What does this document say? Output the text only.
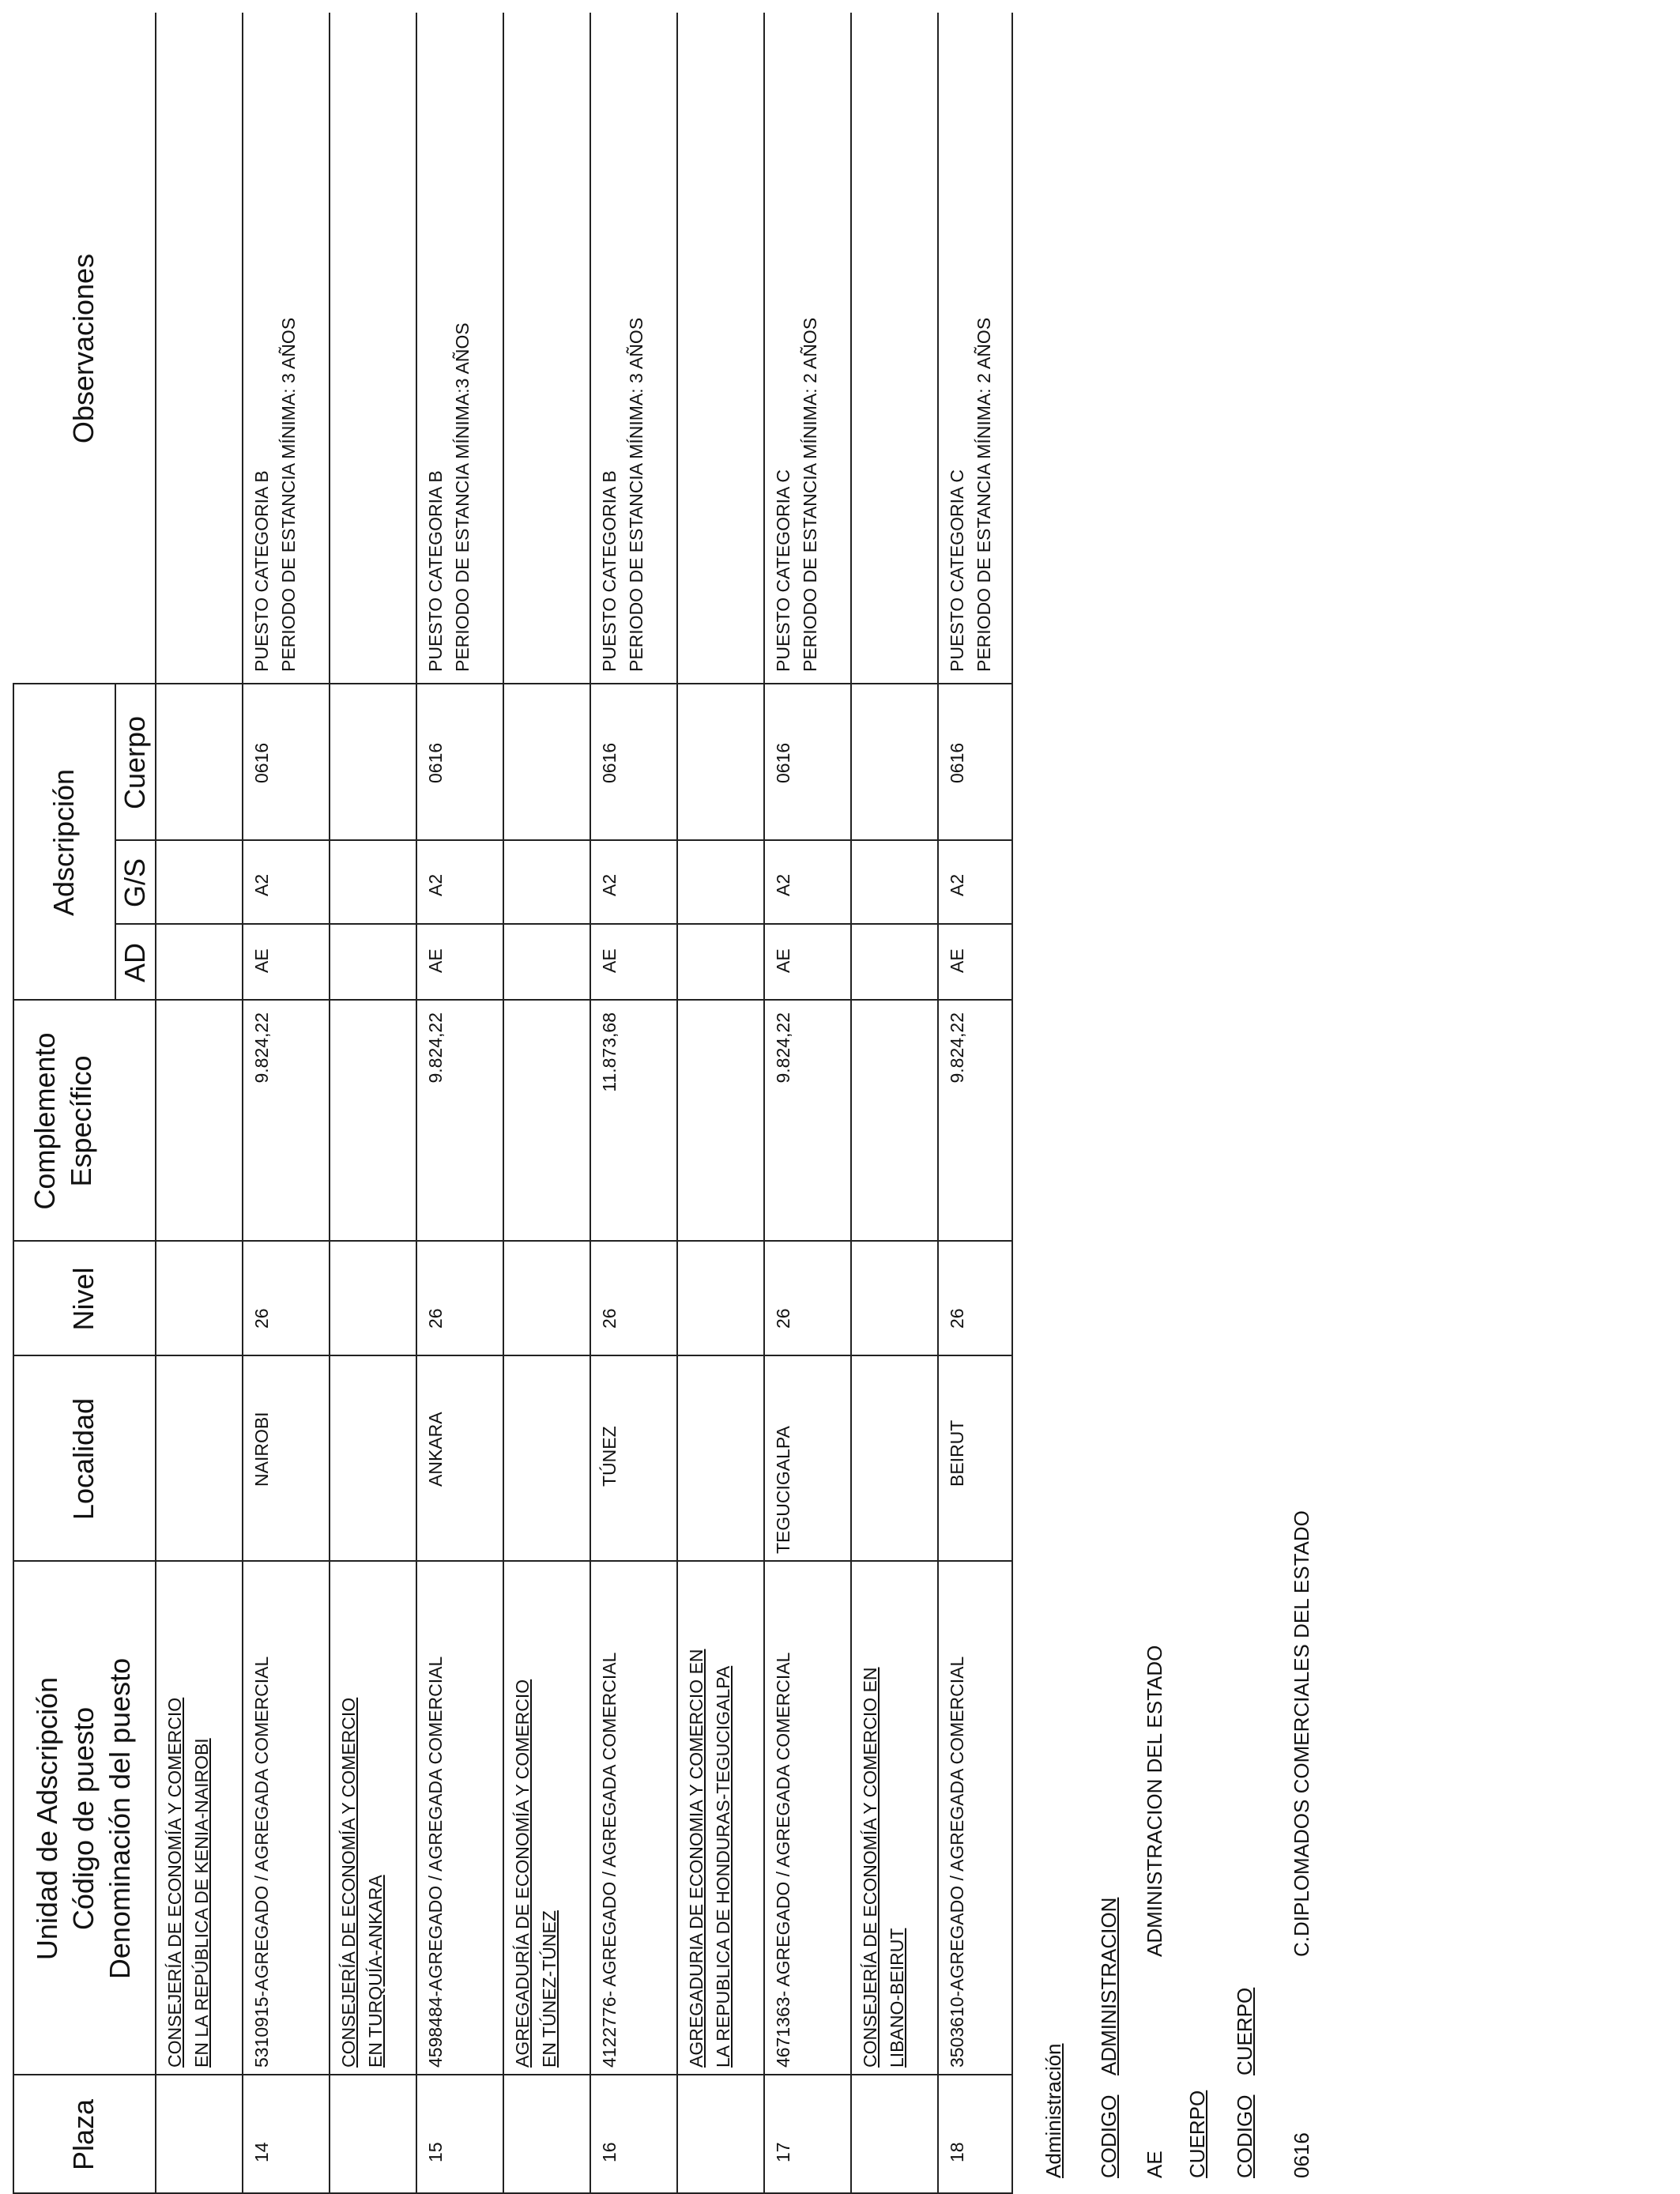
Plaza
Unidad de Adscripción Código de puesto Denominación del puesto
Localidad
Nivel
Complemento Específico
Adscripción
AD
G/S
Cuerpo
Observaciones
CONSEJERÍA DE ECONOMÍA Y COMERCIO EN LA REPÚBLICA DE KENIA-NAIROBI
14
5310915-AGREGADO / AGREGADA COMERCIAL
NAIROBI
26
9.824,22
AE
A2
0616
PUESTO CATEGORIA B PERIODO DE ESTANCIA MÍNIMA: 3 AÑOS
CONSEJERÍA DE ECONOMÍA Y COMERCIO EN TURQUÍA-ANKARA
15
4598484-AGREGADO / AGREGADA COMERCIAL
ANKARA
26
9.824,22
AE
A2
0616
PUESTO CATEGORIA B PERIODO DE ESTANCIA MÍNIMA:3 AÑOS
AGREGADURÍA DE ECONOMÍA Y COMERCIO EN TÚNEZ-TÚNEZ
16
4122776- AGREGADO / AGREGADA COMERCIAL
TÚNEZ
26
11.873,68
AE
A2
0616
PUESTO CATEGORIA B PERIODO DE ESTANCIA MÍNIMA: 3 AÑOS
AGREGADURIA DE ECONOMIA Y COMERCIO EN LA REPUBLICA DE HONDURAS-TEGUCIGALPA
17
4671363- AGREGADO / AGREGADA COMERCIAL
TEGUCIGALPA
26
9.824,22
AE
A2
0616
PUESTO CATEGORIA C PERIODO DE ESTANCIA MÍNIMA: 2 AÑOS
CONSEJERÍA DE ECONOMÍA Y COMERCIO EN LIBANO-BEIRUT
18
3503610-AGREGADO / AGREGADA COMERCIAL
BEIRUT
26
9.824,22
AE
A2
0616
PUESTO CATEGORIA C PERIODO DE ESTANCIA MÍNIMA: 2 AÑOS
Administración CODIGO
ADMINISTRACION
AE
ADMINISTRACION DEL ESTADO
CUERPO CODIGO
CUERPO
0616
C.DIPLOMADOS COMERCIALES DEL ESTADO
